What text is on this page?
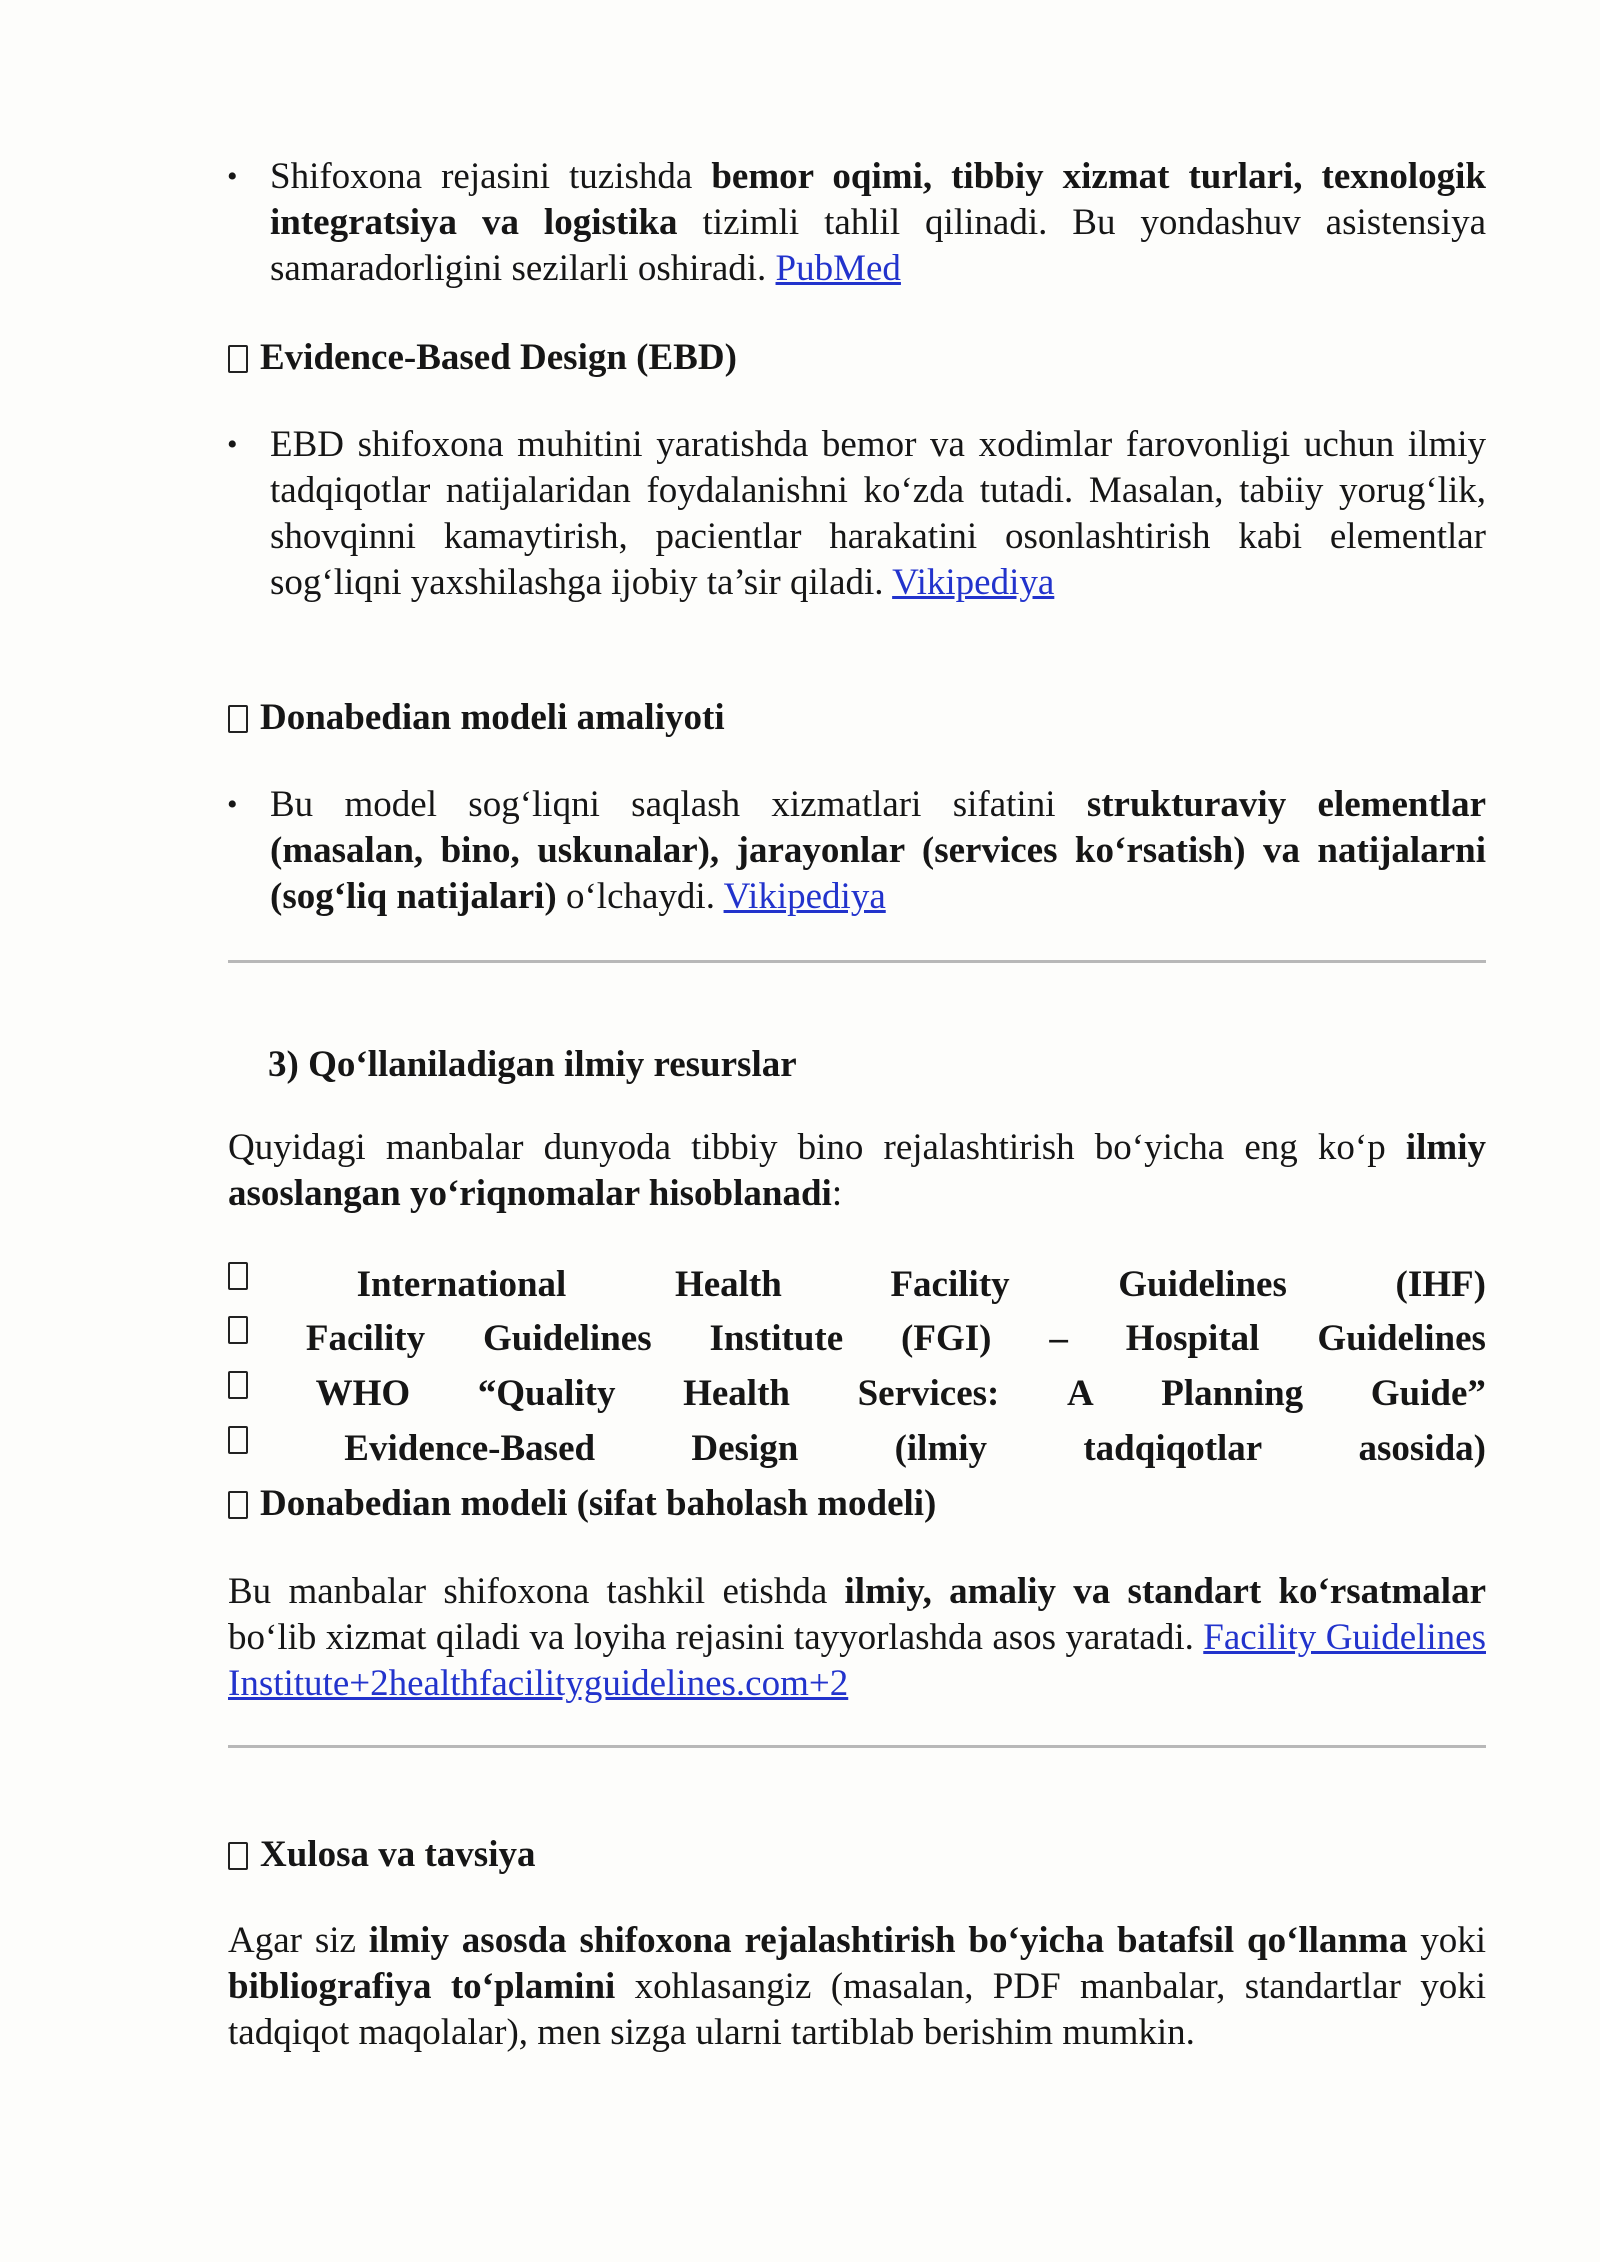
• Shifoxona rejasini tuzishda bemor oqimi, tibbiy xizmat turlari, texnologik integratsiya va logistika tizimli tahlil qilinadi. Bu yondashuv asistensiya samaradorligini sezilarli oshiradi. PubMed
Evidence-Based Design (EBD)
• EBD shifoxona muhitini yaratishda bemor va xodimlar farovonligi uchun ilmiy tadqiqotlar natijalaridan foydalanishni ko‘zda tutadi. Masalan, tabiiy yorug‘lik, shovqinni kamaytirish, pacientlar harakatini osonlashtirish kabi elementlar sog‘liqni yaxshilashga ijobiy ta’sir qiladi. Vikipediya
Donabedian modeli amaliyoti
• Bu model sog‘liqni saqlash xizmatlari sifatini strukturaviy elementlar (masalan, bino, uskunalar), jarayonlar (services ko‘rsatish) va natijalarni (sog‘liq natijalari) o‘lchaydi. Vikipediya
3) Qo‘llaniladigan ilmiy resurslar
Quyidagi manbalar dunyoda tibbiy bino rejalashtirish bo‘yicha eng ko‘p ilmiy asoslangan yo‘riqnomalar hisoblanadi:
International	Health	Facility	Guidelines	(IHF)
Facility Guidelines Institute (FGI) – Hospital Guidelines
WHO “Quality Health Services: A Planning Guide”
Evidence-Based	Design	(ilmiy	tadqiqotlar	asosida)
Donabedian modeli (sifat baholash modeli)
Bu manbalar shifoxona tashkil etishda ilmiy, amaliy va standart ko‘rsatmalar bo‘lib xizmat qiladi va loyiha rejasini tayyorlashda asos yaratadi. Facility Guidelines Institute+2healthfacilityguidelines.com+2
Xulosa va tavsiya
Agar siz ilmiy asosda shifoxona rejalashtirish bo‘yicha batafsil qo‘llanma yoki bibliografiya to‘plamini xohlasangiz (masalan, PDF manbalar, standartlar yoki tadqiqot maqolalar), men sizga ularni tartiblab berishim mumkin.
